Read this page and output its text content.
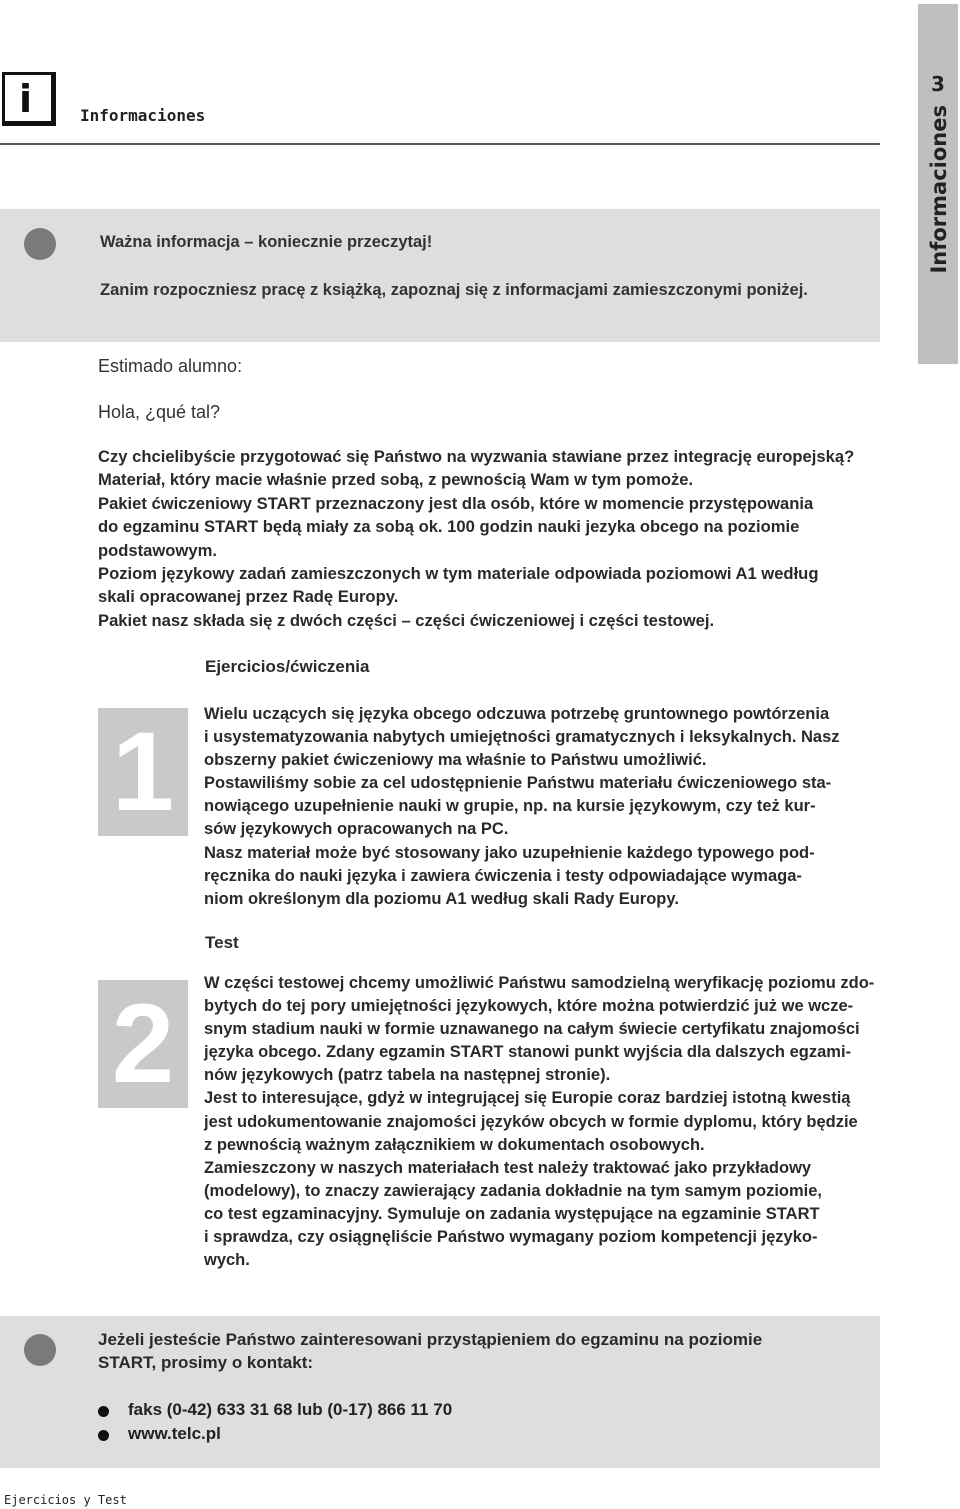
i	Informaciones
3
Informaciones
Ważna informacja – koniecznie przeczytaj!
Zanim rozpoczniesz pracę z książką, zapoznaj się z informacjami zamieszczonymi poniżej.
Estimado alumno:
Hola, ¿qué tal?
Czy chcielibyście przygotować się Państwo na wyzwania stawiane przez integrację europejską?
Materiał, który macie właśnie przed sobą, z pewnością Wam w tym pomoże.
Pakiet ćwiczeniowy START przeznaczony jest dla osób, które w momencie przystępowania
do egzaminu START będą miały za sobą ok. 100 godzin nauki jezyka obcego na poziomie
podstawowym.
Poziom językowy zadań zamieszczonych w tym materiale odpowiada poziomowi A1 według
skali opracowanej przez Radę Europy.
Pakiet nasz składa się z dwóch części – części ćwiczeniowej i części testowej.
Ejercicios/ćwiczenia
1	Wielu uczących się języka obcego odczuwa potrzebę gruntownego powtórzenia
i usystematyzowania nabytych umiejętności gramatycznych i leksykalnych. Nasz
obszerny pakiet ćwiczeniowy ma właśnie to Państwu umożliwić.
Postawiliśmy sobie za cel udostępnienie Państwu materiału ćwiczeniowego sta-
nowiącego uzupełnienie nauki w grupie, np. na kursie językowym, czy też kur-
sów językowych opracowanych na PC.
Nasz materiał może być stosowany jako uzupełnienie każdego typowego pod-
ręcznika do nauki języka i zawiera ćwiczenia i testy odpowiadające wymaga-
niom określonym dla poziomu A1 według skali Rady Europy.
Test
2	W części testowej chcemy umożliwić Państwu samodzielną weryfikację poziomu zdo-
bytych do tej pory umiejętności językowych, które można potwierdzić już we wcze-
snym stadium nauki w formie uznawanego na całym świecie certyfikatu znajomości
języka obcego. Zdany egzamin START stanowi punkt wyjścia dla dalszych egzami-
nów językowych (patrz tabela na następnej stronie).
Jest to interesujące, gdyż w integrującej się Europie coraz bardziej istotną kwestią
jest udokumentowanie znajomości języków obcych w formie dyplomu, który będzie
z pewnością ważnym załącznikiem w dokumentach osobowych.
Zamieszczony w naszych materiałach test należy traktować jako przykładowy
(modelowy), to znaczy zawierający zadania dokładnie na tym samym poziomie,
co test egzaminacyjny. Symuluje on zadania występujące na egzaminie START
i sprawdza, czy osiągnęliście Państwo wymagany poziom kompetencji języko-
wych.
Jeżeli jesteście Państwo zainteresowani przystąpieniem do egzaminu na poziomie
START, prosimy o kontakt:
faks (0-42) 633 31 68 lub (0-17) 866 11 70
www.telc.pl
Ejercicios y Test
